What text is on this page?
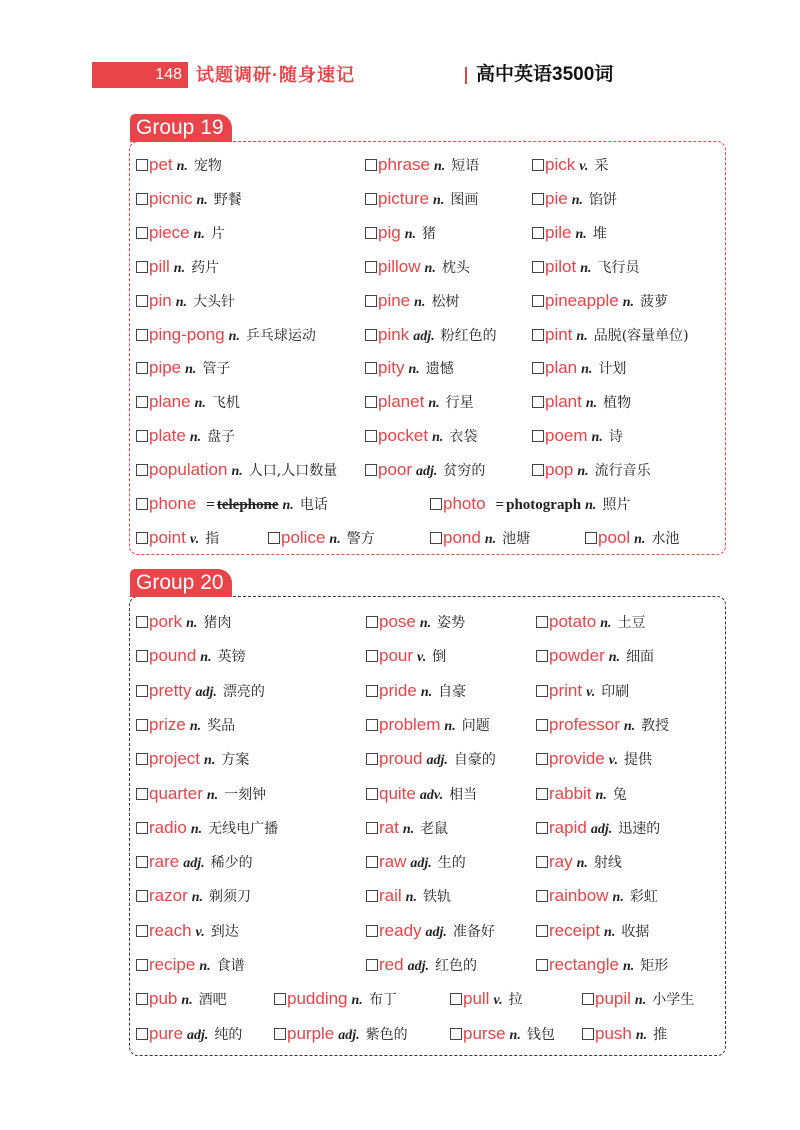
148 试题调研·随身速记	高中英语3500词
pet n. 宠物	phrase n. 短语	pick v. 采
picnic n. 野餐	picture n. 图画	pie n. 馅饼
piece n. 片	pig n. 猪	pile n. 堆
pill n. 药片	pillow n. 枕头	pilot n. 飞行员
pin n. 大头针	pine n. 松树	pineapple n. 菠萝
ping-pong n. 乒乓球运动	pink adj. 粉红色的	pint n. 品脱(容量单位)
pipe n. 管子	pity n. 遗憾	plan n. 计划
plane n. 飞机	planet n. 行星	plant n. 植物
plate n. 盘子	pocket n. 衣袋	poem n. 诗
population n. 人口,人口数量	poor adj. 贫穷的	pop n. 流行音乐
phone = telephone n. 电话	photo = photograph n. 照片
point v. 指	police n. 警方	pond n. 池塘	pool n. 水池
Group 19
pork n. 猪肉	pose n. 姿势	potato n. 土豆
pound n. 英镑	pour v. 倒	powder n. 细面
pretty adj. 漂亮的	pride n. 自豪	print v. 印刷
prize n. 奖品	problem n. 问题	professor n. 教授
project n. 方案	proud adj. 自豪的	provide v. 提供
quarter n. 一刻钟	quite adv. 相当	rabbit n. 兔
radio n. 无线电广播	rat n. 老鼠	rapid adj. 迅速的
rare adj. 稀少的	raw adj. 生的	ray n. 射线
razor n. 剃须刀	rail n. 铁轨	rainbow n. 彩虹
reach v. 到达	ready adj. 准备好	receipt n. 收据
recipe n. 食谱	red adj. 红色的	rectangle n. 矩形
pub n. 酒吧	pudding n. 布丁	pull v. 拉	pupil n. 小学生
pure adj. 纯的	purple adj. 紫色的	purse n. 钱包	push n. 推
Group 20
